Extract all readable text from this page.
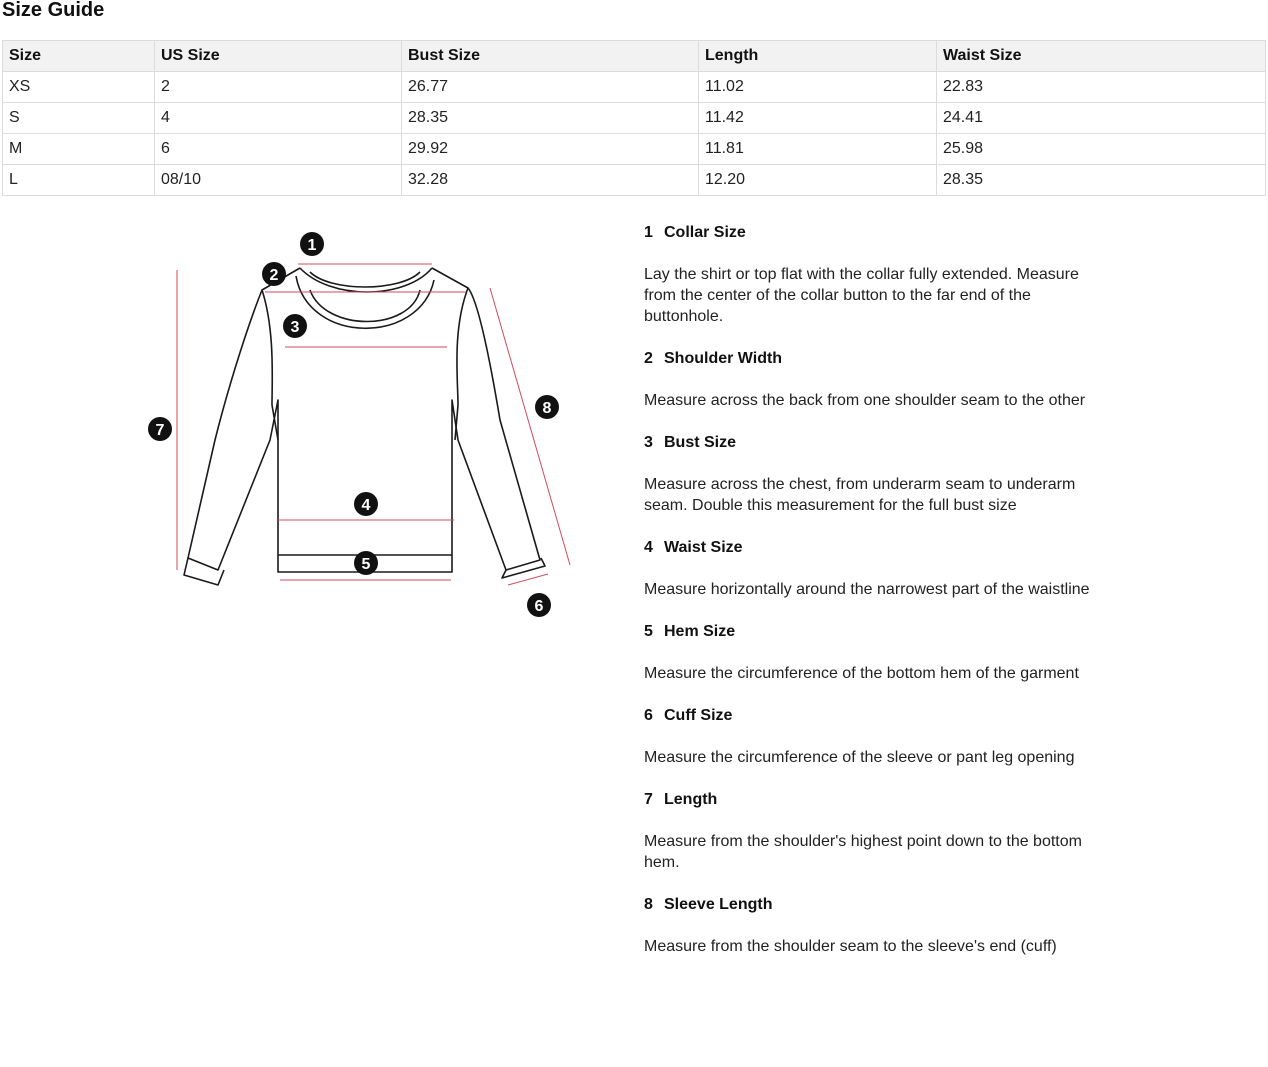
Size Guide
Size	US Size	Bust Size	Length	Waist Size
XS	2	26.77	11.02	22.83
S	4	28.35	11.42	24.41
M	6	29.92	11.81	25.98
L	08/10	32.28	12.20	28.35
1
2
3
4
5
6
7
8

1 Collar Size

Lay the shirt or top flat with the collar fully extended. Measure from the center of the collar button to the far end of the buttonhole.

2 Shoulder Width

Measure across the back from one shoulder seam to the other

3 Bust Size

Measure across the chest, from underarm seam to underarm seam. Double this measurement for the full bust size

4 Waist Size

Measure horizontally around the narrowest part of the waistline

5 Hem Size

Measure the circumference of the bottom hem of the garment

6 Cuff Size

Measure the circumference of the sleeve or pant leg opening

7 Length

Measure from the shoulder's highest point down to the bottom hem.

8 Sleeve Length

Measure from the shoulder seam to the sleeve's end (cuff)
